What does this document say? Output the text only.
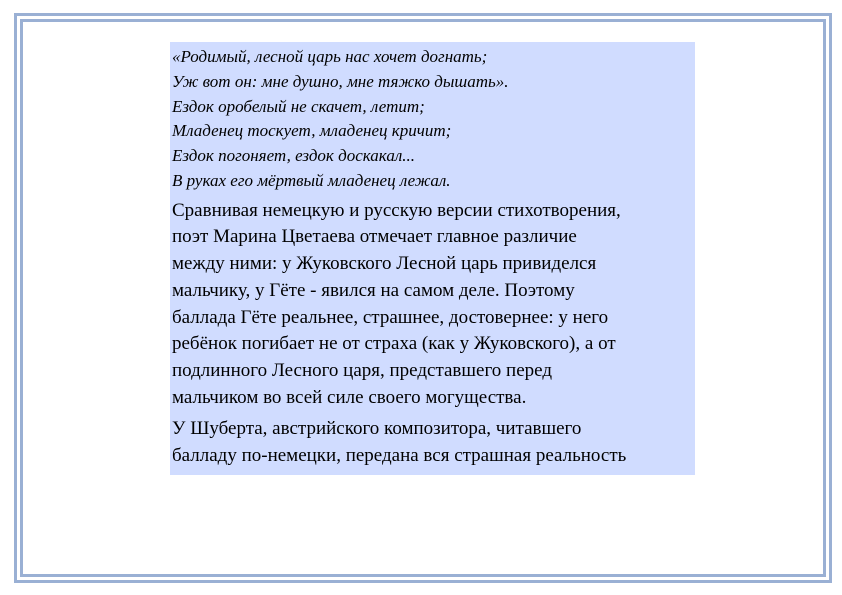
«Родимый, лесной царь нас хочет догнать;
Уж вот он: мне душно, мне тяжко дышать».
Ездок оробелый не скачет, летит;
Младенец тоскует, младенец кричит;
Ездок погоняет, ездок доскакал...
В руках его мёртвый младенец лежал.
Сравнивая немецкую и русскую версии стихотворения,
поэт Марина Цветаева отмечает главное различие
между ними: у Жуковского Лесной царь привиделся
мальчику, у Гёте - явился на самом деле. Поэтому
баллада Гёте реальнее, страшнее, достовернее: у него
ребёнок погибает не от страха (как у Жуковского), а от
подлинного Лесного царя, представшего перед
мальчиком во всей силе своего могущества.
У Шуберта, австрийского композитора, читавшего
балладу по-немецки, передана вся страшная реальность
